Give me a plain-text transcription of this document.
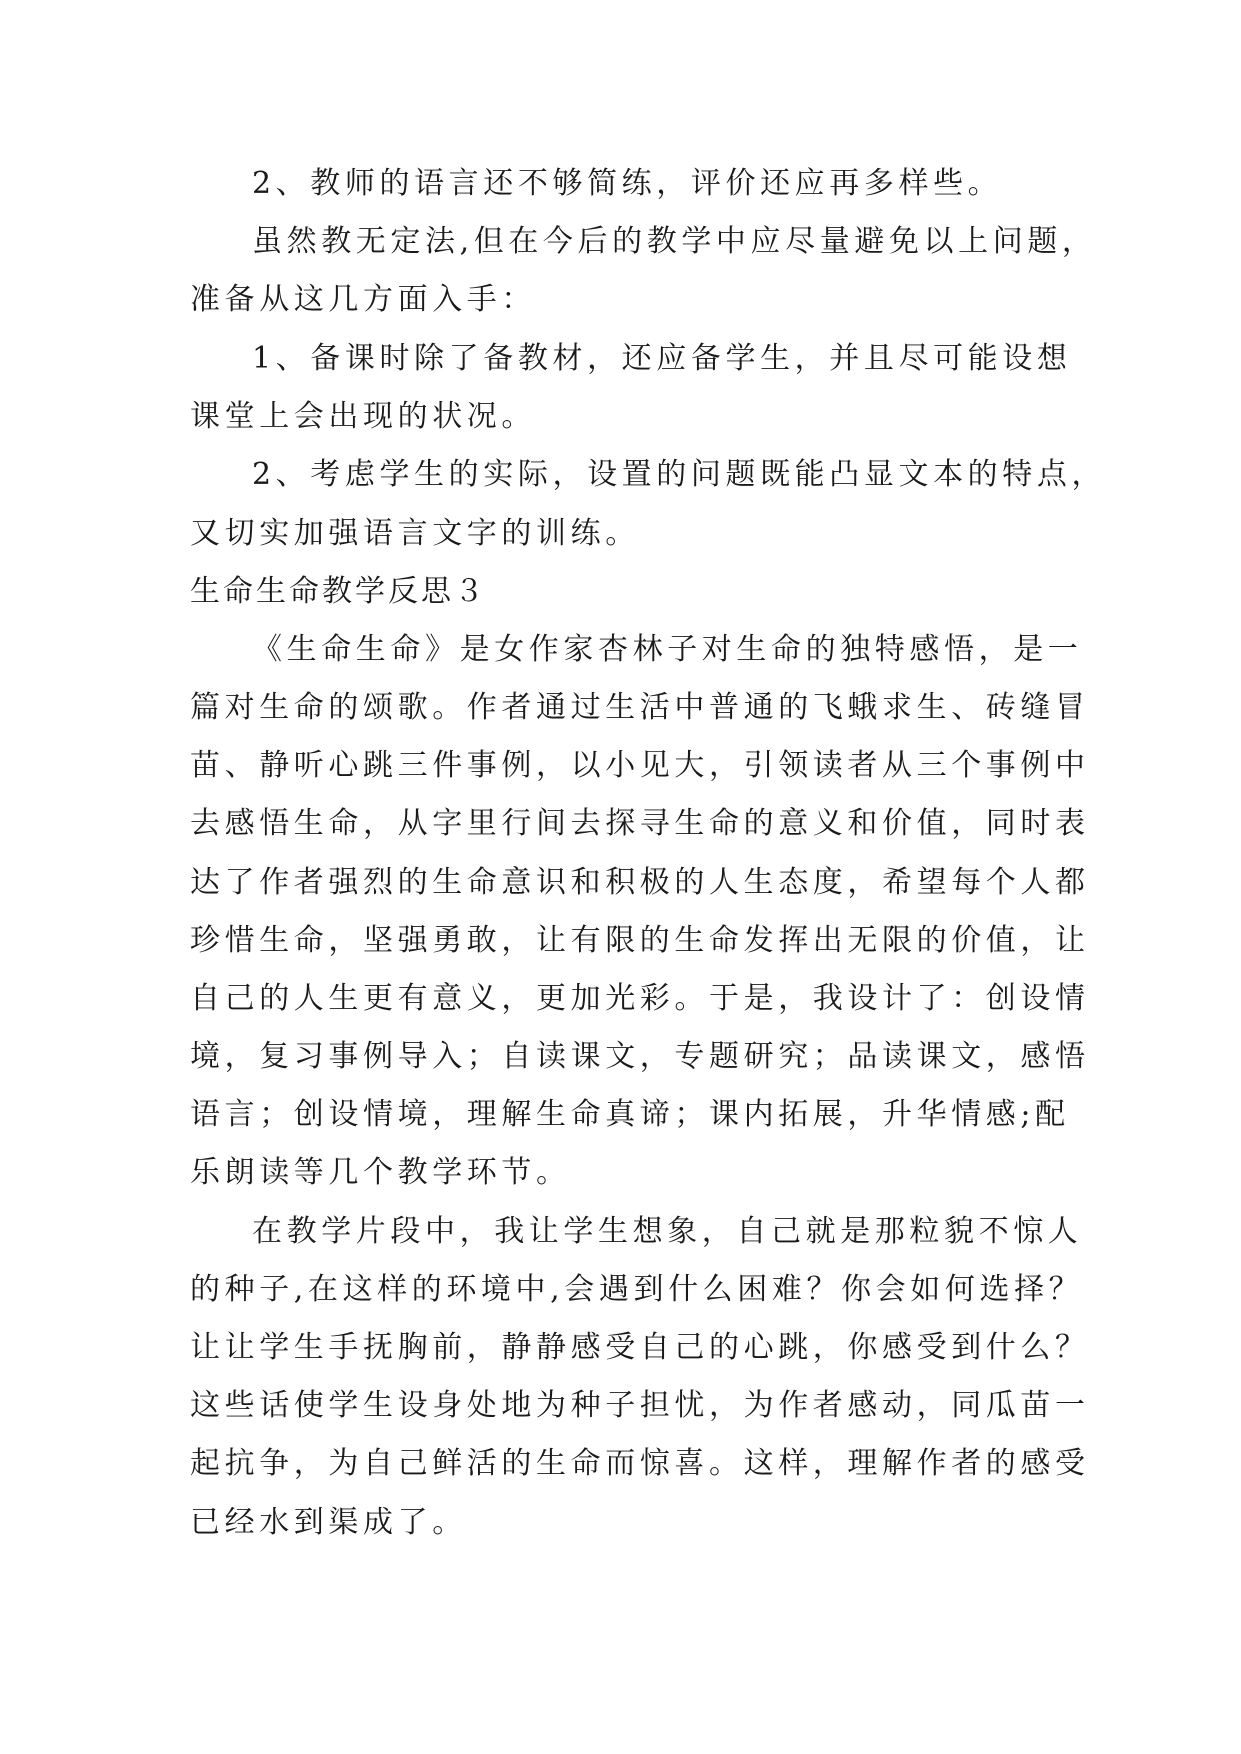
2、教师的语言还不够简练，评价还应再多样些。
虽然教无定法,但在今后的教学中应尽量避免以上问题，
准备从这几方面入手：
1、备课时除了备教材，还应备学生，并且尽可能设想
课堂上会出现的状况。
2、考虑学生的实际，设置的问题既能凸显文本的特点，
又切实加强语言文字的训练。
生命生命教学反思３
《生命生命》是女作家杏林子对生命的独特感悟，是一
篇对生命的颂歌。作者通过生活中普通的飞蛾求生、砖缝冒
苗、静听心跳三件事例，以小见大，引领读者从三个事例中
去感悟生命，从字里行间去探寻生命的意义和价值，同时表
达了作者强烈的生命意识和积极的人生态度，希望每个人都
珍惜生命，坚强勇敢，让有限的生命发挥出无限的价值，让
自己的人生更有意义，更加光彩。于是，我设计了：创设情
境，复习事例导入；自读课文，专题研究；品读课文，感悟
语言；创设情境，理解生命真谛；课内拓展，升华情感;配
乐朗读等几个教学环节。
在教学片段中，我让学生想象，自己就是那粒貌不惊人
的种子,在这样的环境中,会遇到什么困难？你会如何选择？
让让学生手抚胸前，静静感受自己的心跳，你感受到什么？
这些话使学生设身处地为种子担忧，为作者感动，同瓜苗一
起抗争，为自己鲜活的生命而惊喜。这样，理解作者的感受
已经水到渠成了。
